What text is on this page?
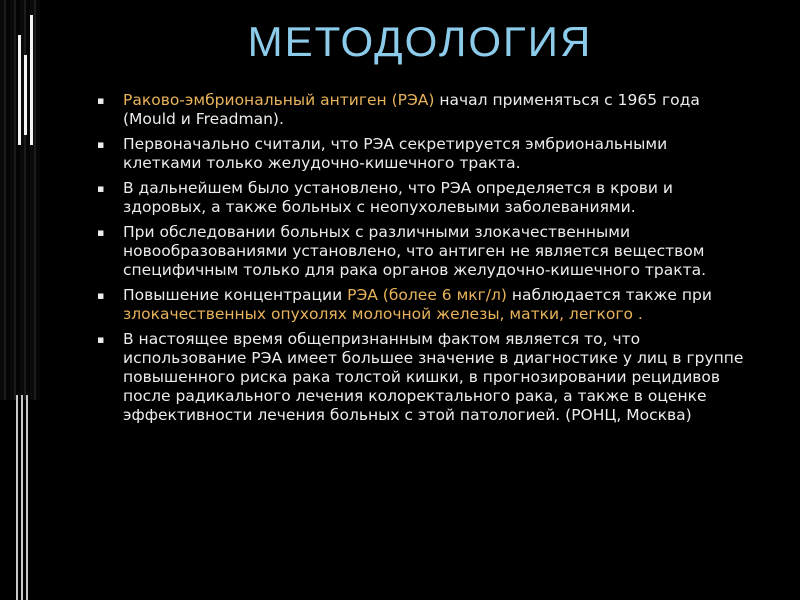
МЕТОДОЛОГИЯ
▪ Раково-эмбриональный антиген (РЭА) начал применяться с 1965 года (Mould и Freadman).
▪ Первоначально считали, что РЭА секретируется эмбриональными клетками только желудочно-кишечного тракта.
▪ В дальнейшем было установлено, что РЭА определяется в крови и здоровых, а также больных с неопухолевыми заболеваниями.
▪ При обследовании больных с различными злокачественными новообразованиями установлено, что антиген не является веществом специфичным только для рака органов желудочно-кишечного тракта.
▪ Повышение концентрации РЭА (более 6 мкг/л) наблюдается также при злокачественных опухолях молочной железы, матки, легкого .
▪ В настоящее время общепризнанным фактом является то, что использование РЭА имеет большее значение в диагностике у лиц в группе повышенного риска рака толстой кишки, в прогнозировании рецидивов после радикального лечения колоректального рака, а также в оценке эффективности лечения больных с этой патологией. (РОНЦ, Москва)
